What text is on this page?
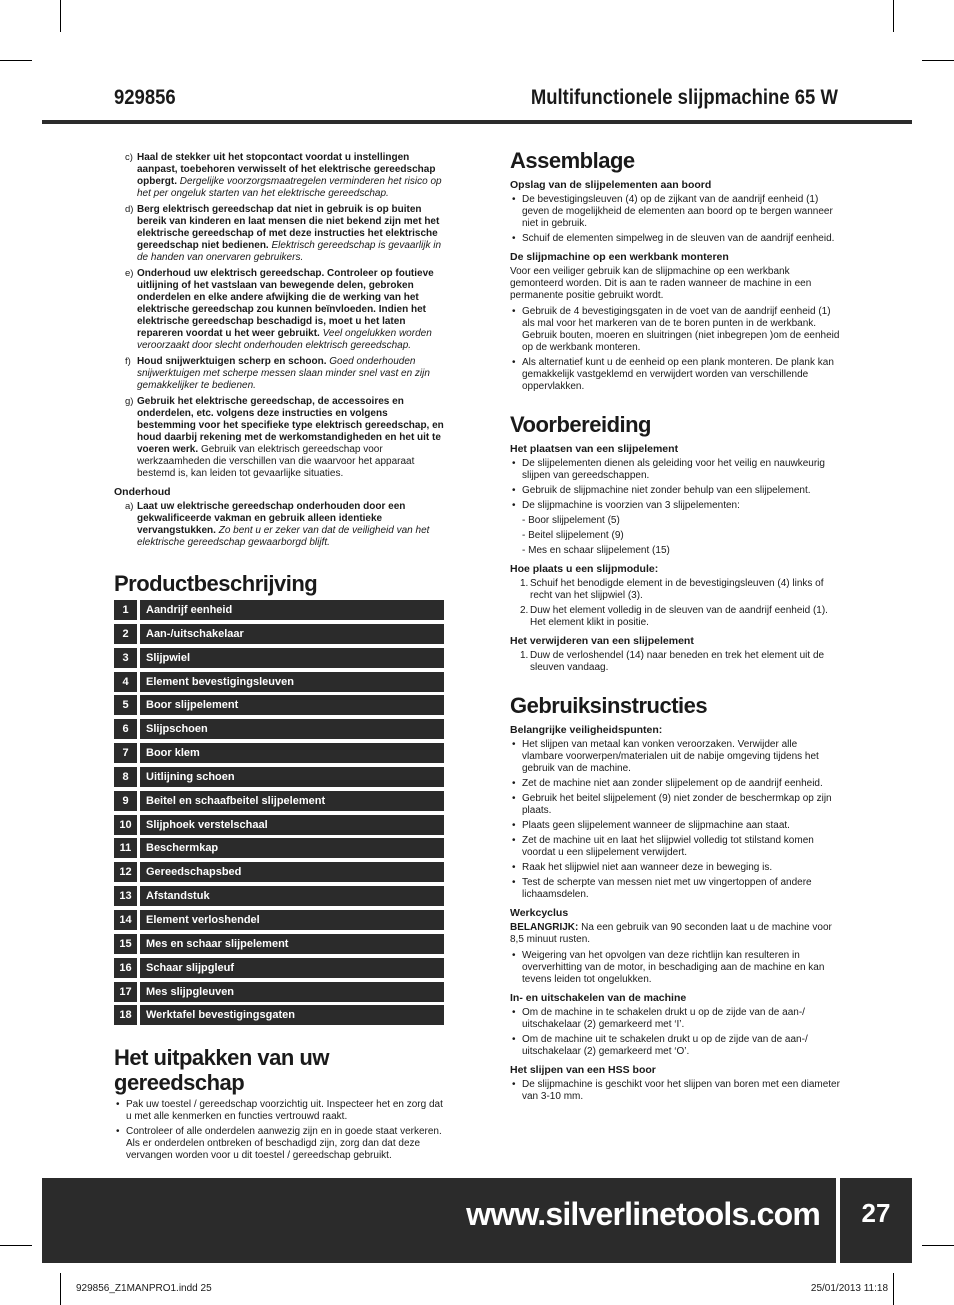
929856	Multifunctionele slijpmachine 65 W
c) Haal de stekker uit het stopcontact voordat u instellingen aanpast, toebehoren verwisselt of het elektrische gereedschap opbergt. Dergelijke voorzorgsmaatregelen verminderen het risico op het per ongeluk starten van het elektrische gereedschap.
d) Berg elektrisch gereedschap dat niet in gebruik is op buiten bereik van kinderen en laat mensen die niet bekend zijn met het elektrische gereedschap of met deze instructies het elektrische gereedschap niet bedienen. Elektrisch gereedschap is gevaarlijk in de handen van onervaren gebruikers.
e) Onderhoud uw elektrisch gereedschap. Controleer op foutieve uitlijning of het vastslaan van bewegende delen, gebroken onderdelen en elke andere afwijking die de werking van het elektrische gereedschap zou kunnen beïnvloeden. Indien het elektrische gereedschap beschadigd is, moet u het laten repareren voordat u het weer gebruikt. Veel ongelukken worden veroorzaakt door slecht onderhouden elektrisch gereedschap.
f) Houd snijwerktuigen scherp en schoon. Goed onderhouden snijwerktuigen met scherpe messen slaan minder snel vast en zijn gemakkelijker te bedienen.
g) Gebruik het elektrische gereedschap, de accessoires en onderdelen, etc. volgens deze instructies en volgens bestemming voor het specifieke type elektrisch gereedschap, en houd daarbij rekening met de werkomstandigheden en het uit te voeren werk. Gebruik van elektrisch gereedschap voor werkzaamheden die verschillen van die waarvoor het apparaat bestemd is, kan leiden tot gevaarlijke situaties.
Onderhoud
a) Laat uw elektrische gereedschap onderhouden door een gekwalificeerde vakman en gebruik alleen identieke vervangstukken. Zo bent u er zeker van dat de veiligheid van het elektrische gereedschap gewaarborgd blijft.
Productbeschrijving
1	Aandrijf eenheid
2	Aan-/uitschakelaar
3	Slijpwiel
4	Element bevestigingsleuven
5	Boor slijpelement
6	Slijpschoen
7	Boor klem
8	Uitlijning schoen
9	Beitel en schaafbeitel slijpelement
10	Slijphoek verstelschaal
11	Beschermkap
12	Gereedschapsbed
13	Afstandstuk
14	Element verloshendel
15	Mes en schaar slijpelement
16	Schaar slijpgleuf
17	Mes slijpgleuven
18	Werktafel bevestigingsgaten
Het uitpakken van uw gereedschap
• Pak uw toestel / gereedschap voorzichtig uit. Inspecteer het en zorg dat u met alle kenmerken en functies vertrouwd raakt.
• Controleer of alle onderdelen aanwezig zijn en in goede staat verkeren. Als er onderdelen ontbreken of beschadigd zijn, zorg dan dat deze vervangen worden voor u dit toestel / gereedschap gebruikt.
Assemblage
Opslag van de slijpelementen aan boord
• De bevestigingsleuven (4) op de zijkant van de aandrijf eenheid (1) geven de mogelijkheid de elementen aan boord op te bergen wanneer niet in gebruik.
• Schuif de elementen simpelweg in de sleuven van de aandrijf eenheid.
De slijpmachine op een werkbank monteren
Voor een veiliger gebruik kan de slijpmachine op een werkbank gemonteerd worden. Dit is aan te raden wanneer de machine in een permanente positie gebruikt wordt.
• Gebruik de 4 bevestigingsgaten in de voet van de aandrijf eenheid (1) als mal voor het markeren van de te boren punten in de werkbank. Gebruik bouten, moeren en sluitringen (niet inbegrepen )om de eenheid op de werkbank monteren.
• Als alternatief kunt u de eenheid op een plank monteren. De plank kan gemakkelijk vastgeklemd en verwijdert worden van verschillende oppervlakken.
Voorbereiding
Het plaatsen van een slijpelement
• De slijpelementen dienen als geleiding voor het veilig en nauwkeurig slijpen van gereedschappen.
• Gebruik de slijpmachine niet zonder behulp van een slijpelement.
• De slijpmachine is voorzien van 3 slijpelementen:
- Boor slijpelement (5)
- Beitel slijpelement (9)
- Mes en schaar slijpelement (15)
Hoe plaats u een slijpmodule:
1. Schuif het benodigde element in de bevestigingsleuven (4) links of recht van het slijpwiel (3).
2. Duw het element volledig in de sleuven van de aandrijf eenheid (1). Het element klikt in positie.
Het verwijderen van een slijpelement
1. Duw de verloshendel (14) naar beneden en trek het element uit de sleuven vandaag.
Gebruiksinstructies
Belangrijke veiligheidspunten:
• Het slijpen van metaal kan vonken veroorzaken. Verwijder alle vlambare voorwerpen/materialen uit de nabije omgeving tijdens het gebruik van de machine.
• Zet de machine niet aan zonder slijpelement op de aandrijf eenheid.
• Gebruik het beitel slijpelement (9) niet zonder de beschermkap op zijn plaats.
• Plaats geen slijpelement wanneer de slijpmachine aan staat.
• Zet de machine uit en laat het slijpwiel volledig tot stilstand komen voordat u een slijpelement verwijdert.
• Raak het slijpwiel niet aan wanneer deze in beweging is.
• Test de scherpte van messen niet met uw vingertoppen of andere lichaamsdelen.
Werkcyclus
BELANGRIJK: Na een gebruik van 90 seconden laat u de machine voor 8,5 minuut rusten.
• Weigering van het opvolgen van deze richtlijn kan resulteren in oververhitting van de motor, in beschadiging aan de machine en kan tevens leiden tot ongelukken.
In- en uitschakelen van de machine
• Om de machine in te schakelen drukt u op de zijde van de aan-/ uitschakelaar (2) gemarkeerd met ‘I’.
• Om de machine uit te schakelen drukt u op de zijde van de aan-/ uitschakelaar (2) gemarkeerd met ‘O’.
Het slijpen van een HSS boor
• De slijpmachine is geschikt voor het slijpen van boren met een diameter van 3-10 mm.
www.silverlinetools.com	27
929856_Z1MANPRO1.indd 25	25/01/2013 11:18
